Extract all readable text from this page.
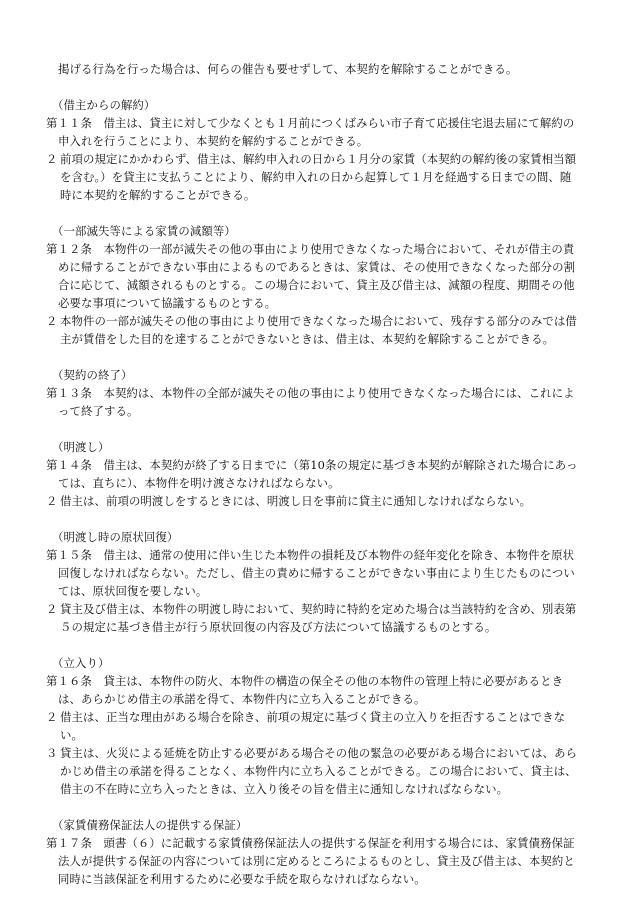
掲げる行為を行った場合は、何らの催告も要せずして、本契約を解除することができる。

（借主からの解約）

第１１条　借主は、貸主に対して少なくとも１月前につくばみらい市子育て応援住宅退去届にて解約の申入れを行うことにより、本契約を解約することができる。

２ 前項の規定にかかわらず、借主は、解約申入れの日から１月分の家賃（本契約の解約後の家賃相当額を含む。）を貸主に支払うことにより、解約申入れの日から起算して１月を経過する日までの間、随時に本契約を解約することができる。

（一部滅失等による家賃の減額等）

第１２条　本物件の一部が滅失その他の事由により使用できなくなった場合において、それが借主の責めに帰することができない事由によるものであるときは、家賃は、その使用できなくなった部分の割合に応じて、減額されるものとする。この場合において、貸主及び借主は、減額の程度、期間その他必要な事項について協議するものとする。

２ 本物件の一部が滅失その他の事由により使用できなくなった場合において、残存する部分のみでは借主が賃借をした目的を達することができないときは、借主は、本契約を解除することができる。

（契約の終了）

第１３条　本契約は、本物件の全部が滅失その他の事由により使用できなくなった場合には、これによって終了する。

（明渡し）

第１４条　借主は、本契約が終了する日までに（第10条の規定に基づき本契約が解除された場合にあっては、直ちに）、本物件を明け渡さなければならない。

２ 借主は、前項の明渡しをするときには、明渡し日を事前に貸主に通知しなければならない。

（明渡し時の原状回復）

第１５条　借主は、通常の使用に伴い生じた本物件の損耗及び本物件の経年変化を除き、本物件を原状回復しなければならない。ただし、借主の責めに帰することができない事由により生じたものについては、原状回復を要しない。

２ 貸主及び借主は、本物件の明渡し時において、契約時に特約を定めた場合は当該特約を含め、別表第５の規定に基づき借主が行う原状回復の内容及び方法について協議するものとする。

（立入り）

第１６条　貸主は、本物件の防火、本物件の構造の保全その他の本物件の管理上特に必要があるときは、あらかじめ借主の承諾を得て、本物件内に立ち入ることができる。

２ 借主は、正当な理由がある場合を除き、前項の規定に基づく貸主の立入りを拒否することはできない。

３ 貸主は、火災による延焼を防止する必要がある場合その他の緊急の必要がある場合においては、あらかじめ借主の承諾を得ることなく、本物件内に立ち入ることができる。この場合において、貸主は、借主の不在時に立ち入ったときは、立入り後その旨を借主に通知しなければならない。

（家賃債務保証法人の提供する保証）

第１７条　頭書（６）に記載する家賃債務保証法人の提供する保証を利用する場合には、家賃債務保証法人が提供する保証の内容については別に定めるところによるものとし、貸主及び借主は、本契約と同時に当該保証を利用するために必要な手続を取らなければならない。
